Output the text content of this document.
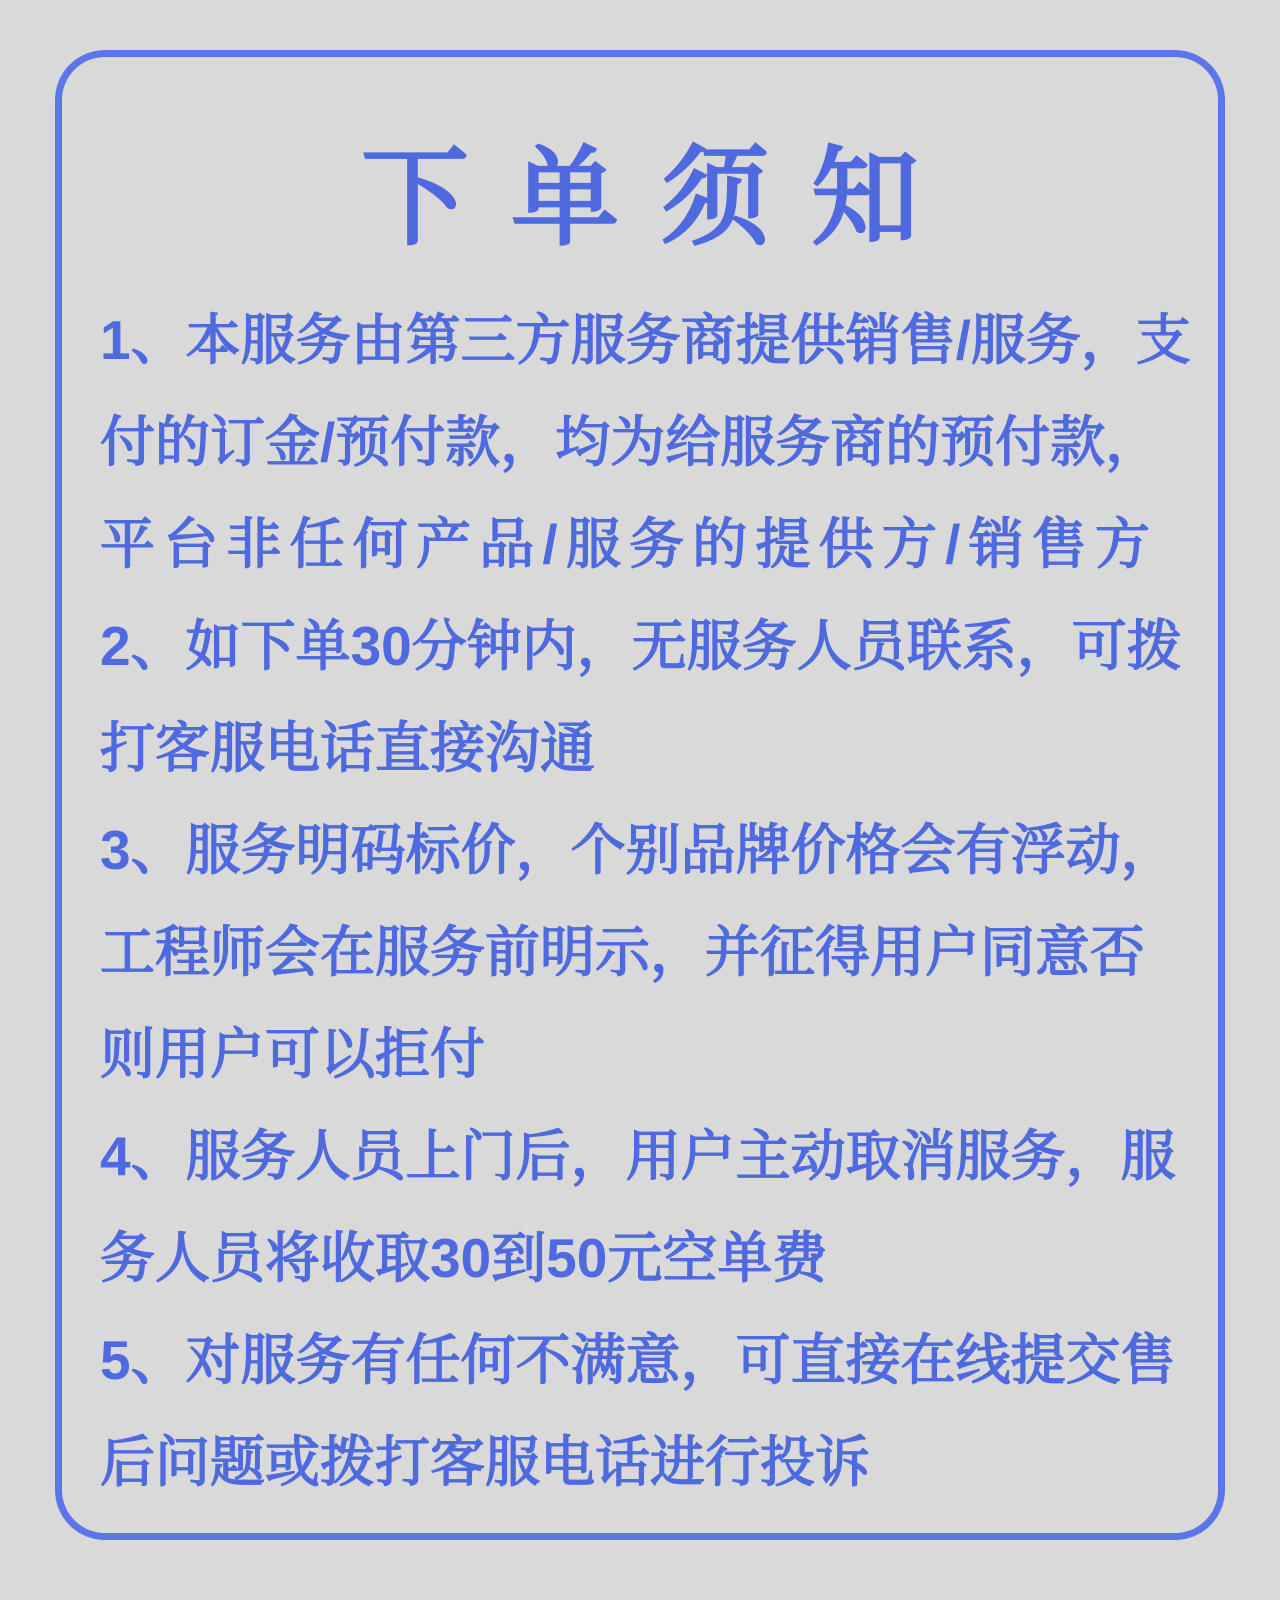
下单须知
1、本服务由第三方服务商提供销售/服务，支
付的订金/预付款，均为给服务商的预付款，
平台非任何产品/服务的提供方/销售方
2、如下单30分钟内，无服务人员联系，可拨
打客服电话直接沟通
3、服务明码标价，个别品牌价格会有浮动，
工程师会在服务前明示，并征得用户同意否
则用户可以拒付
4、服务人员上门后，用户主动取消服务，服
务人员将收取30到50元空单费
5、对服务有任何不满意，可直接在线提交售
后问题或拨打客服电话进行投诉
